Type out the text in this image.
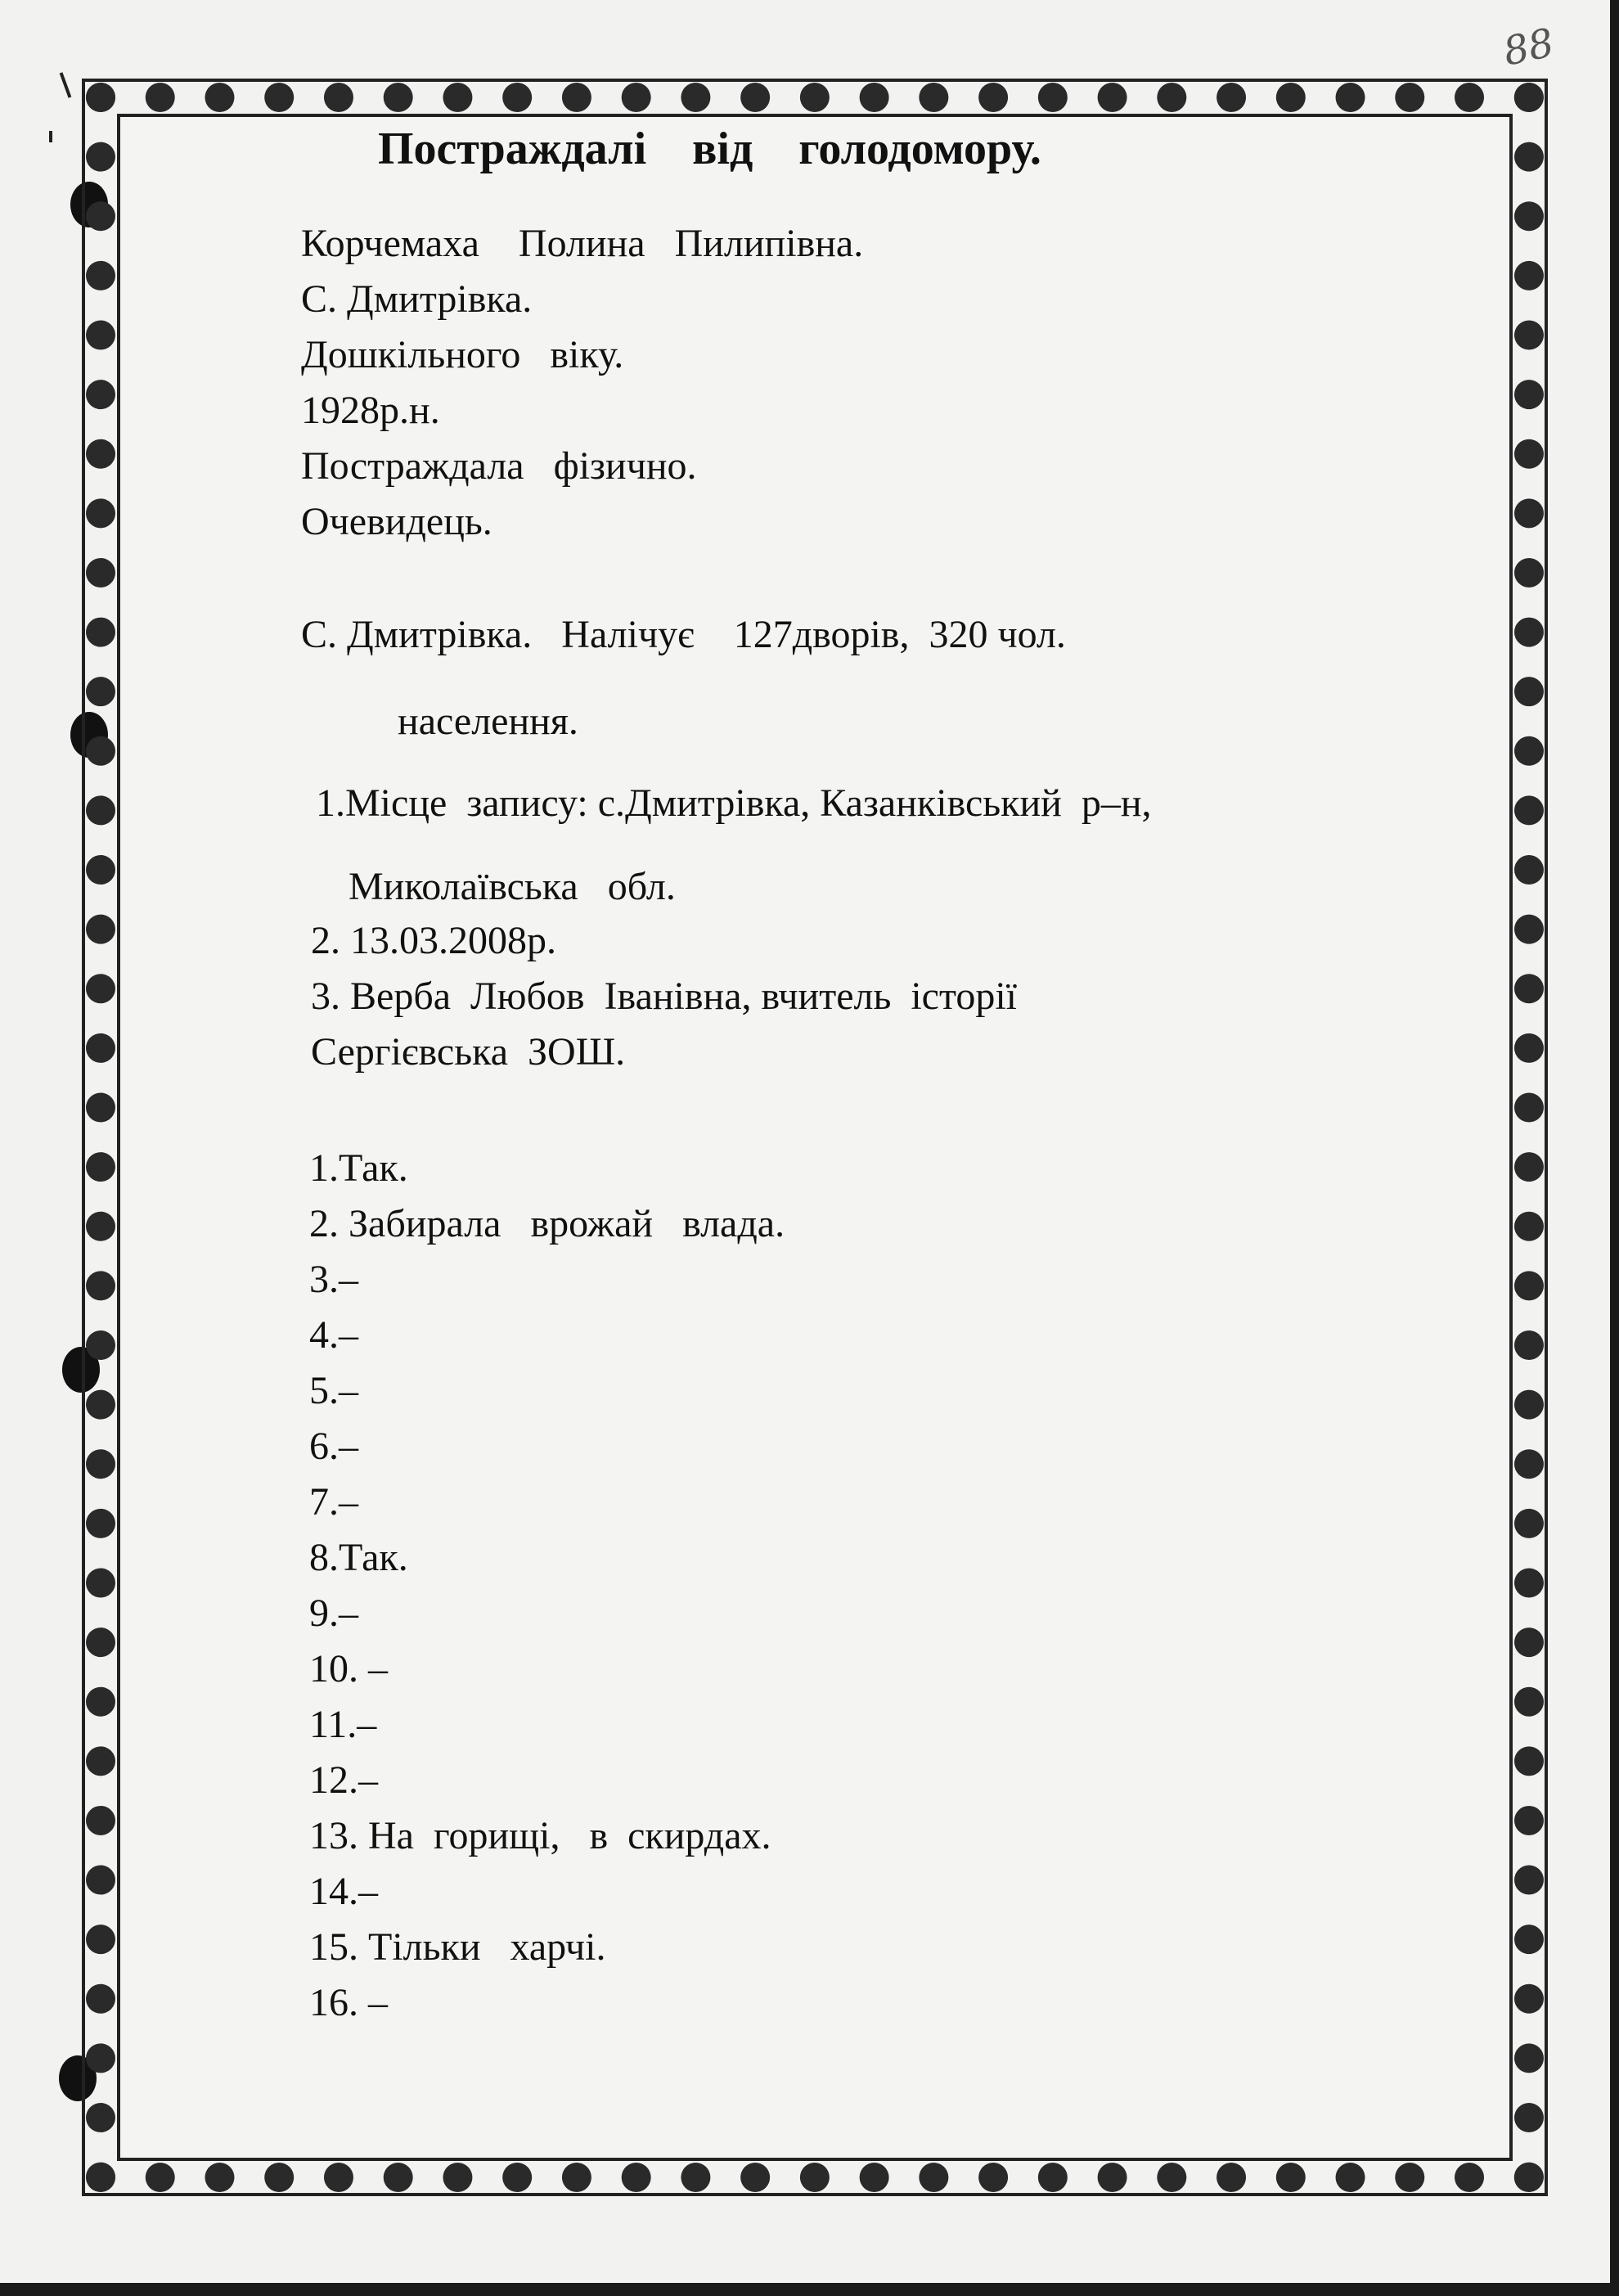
88
Постраждалі    від    голодомору.
Корчемаха    Полина   Пилипівна.
С. Дмитрівка.
Дошкільного   віку.
1928р.н.
Постраждала   фізично.
Очевидець.
С. Дмитрівка.   Налічує    127дворів,  320 чол.
населення.
1.Місце  запису: с.Дмитрівка, Казанківський  р–н,
Миколаївська   обл.
2. 13.03.2008р.
3. Верба  Любов  Іванівна, вчитель  історії
Сергієвська  ЗОШ.
1.Так.
2. Забирала   врожай   влада.
3.–
4.–
5.–
6.–
7.–
8.Так.
9.–
10. –
11.–
12.–
13. На  горищі,   в  скирдах.
14.–
15. Тільки   харчі.
16. –
